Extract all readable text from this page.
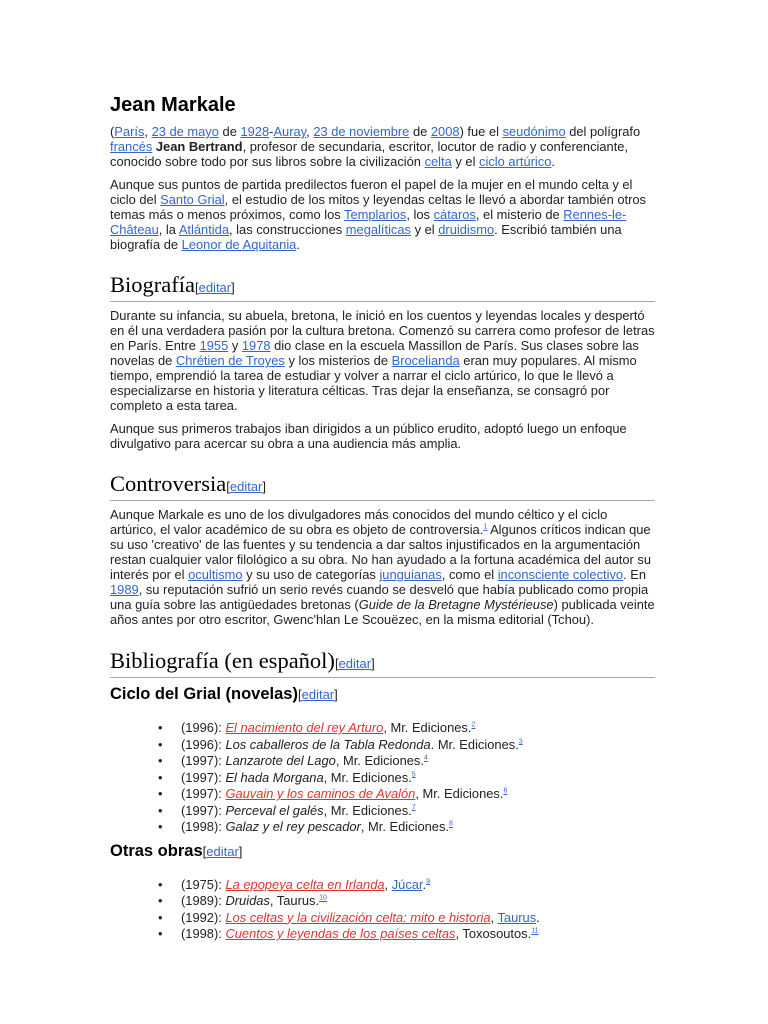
Jean Markale

(París, 23 de mayo de 1928-Auray, 23 de noviembre de 2008) fue el seudónimo del polígrafo francés Jean Bertrand, profesor de secundaria, escritor, locutor de radio y conferenciante, conocido sobre todo por sus libros sobre la civilización celta y el ciclo artúrico.

Aunque sus puntos de partida predilectos fueron el papel de la mujer en el mundo celta y el ciclo del Santo Grial, el estudio de los mitos y leyendas celtas le llevó a abordar también otros temas más o menos próximos, como los Templarios, los cátaros, el misterio de Rennes-le-Château, la Atlántida, las construcciones megalíticas y el druidismo. Escribió también una biografía de Leonor de Aquitania.

Biografía[editar]

Durante su infancia, su abuela, bretona, le inició en los cuentos y leyendas locales y despertó en él una verdadera pasión por la cultura bretona. Comenzó su carrera como profesor de letras en París. Entre 1955 y 1978 dio clase en la escuela Massillon de París. Sus clases sobre las novelas de Chrétien de Troyes y los misterios de Brocelianda eran muy populares. Al mismo tiempo, emprendió la tarea de estudiar y volver a narrar el ciclo artúrico, lo que le llevó a especializarse en historia y literatura célticas. Tras dejar la enseñanza, se consagró por completo a esta tarea.

Aunque sus primeros trabajos iban dirigidos a un público erudito, adoptó luego un enfoque divulgativo para acercar su obra a una audiencia más amplia.

Controversia[editar]

Aunque Markale es uno de los divulgadores más conocidos del mundo céltico y el ciclo artúrico, el valor académico de su obra es objeto de controversia.$^1$ Algunos críticos indican que su uso 'creativo' de las fuentes y su tendencia a dar saltos injustificados en la argumentación restan cualquier valor filológico a su obra. No han ayudado a la fortuna académica del autor su interés por el ocultismo y su uso de categorías junguianas, como el inconsciente colectivo. En 1989, su reputación sufrió un serio revés cuando se desveló que había publicado como propia una guía sobre las antigüedades bretonas (Guide de la Bretagne Mystérieuse) publicada veinte años antes por otro escritor, Gwenc'hlan Le Scouëzec, en la misma editorial (Tchou).

Bibliografía (en español)[editar]
Ciclo del Grial (novelas)[editar]
• (1996): El nacimiento del rey Arturo, Mr. Ediciones.$^2$
• (1996): Los caballeros de la Tabla Redonda. Mr. Ediciones.$^3$
• (1997): Lanzarote del Lago, Mr. Ediciones.$^4$
• (1997): El hada Morgana, Mr. Ediciones.$^5$
• (1997): Gauvain y los caminos de Avalón, Mr. Ediciones.$^6$
• (1997): Perceval el galés, Mr. Ediciones.$^7$
• (1998): Galaz y el rey pescador, Mr. Ediciones.$^8$
Otras obras[editar]
• (1975): La epopeya celta en Irlanda, Júcar.$^9$
• (1989): Druidas, Taurus.$^{10}$
• (1992): Los celtas y la civilización celta: mito e historia, Taurus.
• (1998): Cuentos y leyendas de los países celtas, Toxosoutos.$^{11}$
